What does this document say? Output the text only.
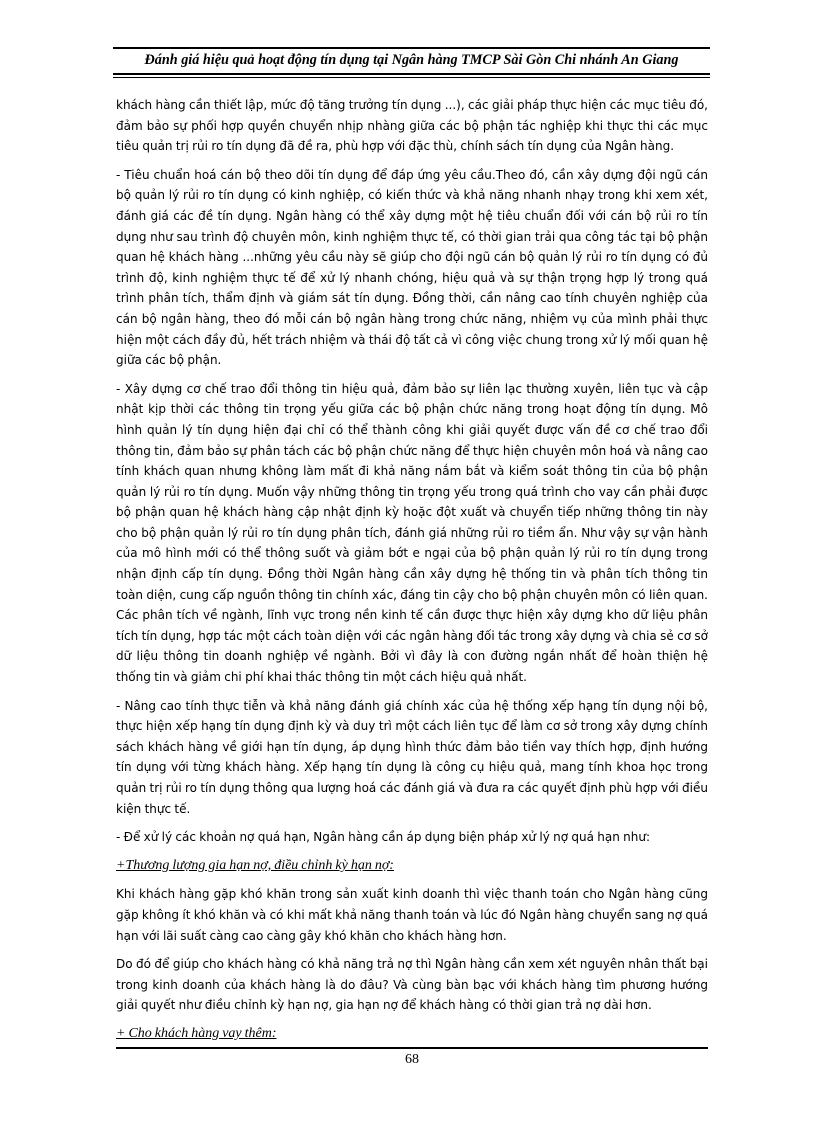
Đánh giá hiệu quả hoạt động tín dụng tại Ngân hàng TMCP Sài Gòn Chi nhánh An Giang

khách hàng cần thiết lập, mức độ tăng trưởng tín dụng ...), các giải pháp thực hiện các mục tiêu đó, đảm bảo sự phối hợp quyền chuyển nhịp nhàng giữa các bộ phận tác nghiệp khi thực thi các mục tiêu quản trị rủi ro tín dụng đã đề ra, phù hợp với đặc thù, chính sách tín dụng của Ngân hàng.

- Tiêu chuẩn hoá cán bộ theo dõi tín dụng để đáp ứng yêu cầu.Theo đó, cần xây dựng đội ngũ cán bộ quản lý rủi ro tín dụng có kinh nghiệp, có kiến thức và khả năng nhanh nhạy trong khi xem xét, đánh giá các đề tín dụng. Ngân hàng có thể xây dựng một hệ tiêu chuẩn đối với cán bộ rủi ro tín dụng như sau trình độ chuyên môn, kinh nghiệm thực tế, có thời gian trải qua công tác tại bộ phận quan hệ khách hàng ...những yêu cầu này sẽ giúp cho đội ngũ cán bộ quản lý rủi ro tín dụng có đủ trình độ, kinh nghiệm thực tế để xử lý nhanh chóng, hiệu quả và sự thận trọng hợp lý trong quá trình phân tích, thẩm định và giám sát tín dụng. Đồng thời, cần nâng cao tính chuyên nghiệp của cán bộ ngân hàng, theo đó mỗi cán bộ ngân hàng trong chức năng, nhiệm vụ của mình phải thực hiện một cách đầy đủ, hết trách nhiệm và thái độ tất cả vì công việc chung trong xử lý mối quan hệ giữa các bộ phận.

- Xây dựng cơ chế trao đổi thông tin hiệu quả, đảm bảo sự liên lạc thường xuyên, liên tục và cập nhật kịp thời các thông tin trọng yếu giữa các bộ phận chức năng trong hoạt động tín dụng. Mô hình quản lý tín dụng hiện đại chỉ có thể thành công khi giải quyết được vấn đề cơ chế trao đổi thông tin, đảm bảo sự phân tách các bộ phận chức năng để thực hiện chuyên môn hoá và nâng cao tính khách quan nhưng không làm mất đi khả năng nắm bắt và kiểm soát thông tin của bộ phận quản lý rủi ro tín dụng. Muốn vậy những thông tin trọng yếu trong quá trình cho vay cần phải được bộ phận quan hệ khách hàng cập nhật định kỳ hoặc đột xuất và chuyển tiếp những thông tin này cho bộ phận quản lý rủi ro tín dụng phân tích, đánh giá những rủi ro tiềm ẩn. Như vậy sự vận hành của mô hình mới có thể thông suốt và giảm bớt e ngại của bộ phận quản lý rủi ro tín dụng trong nhận định cấp tín dụng. Đồng thời Ngân hàng cần xây dựng hệ thống tin và phân tích thông tin toàn diện, cung cấp nguồn thông tin chính xác, đáng tin cậy cho bộ phận chuyên môn có liên quan. Các phân tích về ngành, lĩnh vực trong nền kinh tế cần được thực hiện xây dựng kho dữ liệu phân tích tín dụng, hợp tác một cách toàn diện với các ngân hàng đối tác trong xây dựng và chia sẻ cơ sở dữ liệu thông tin doanh nghiệp về ngành. Bởi vì đây là con đường ngắn nhất để hoàn thiện hệ thống tin và giảm chi phí khai thác thông tin một cách hiệu quả nhất.

- Nâng cao tính thực tiễn và khả năng đánh giá chính xác của hệ thống xếp hạng tín dụng nội bộ, thực hiện xếp hạng tín dụng định kỳ và duy trì một cách liên tục để làm cơ sở trong xây dựng chính sách khách hàng về giới hạn tín dụng, áp dụng hình thức đảm bảo tiền vay thích hợp, định hướng tín dụng với từng khách hàng. Xếp hạng tín dụng là công cụ hiệu quả, mang tính khoa học trong quản trị rủi ro tín dụng thông qua lượng hoá các đánh giá và đưa ra các quyết định phù hợp với điều kiện thực tế.

- Để xử lý các khoản nợ quá hạn, Ngân hàng cần áp dụng biện pháp xử lý nợ quá hạn như:

+Thương lượng gia hạn nợ, điều chỉnh kỳ hạn nợ:

Khi khách hàng gặp khó khăn trong sản xuất kinh doanh thì việc thanh toán cho Ngân hàng cũng gặp không ít khó khăn và có khi mất khả năng thanh toán và lúc đó Ngân hàng chuyển sang nợ quá hạn với lãi suất càng cao càng gây khó khăn cho khách hàng hơn.

Do đó để giúp cho khách hàng có khả năng trả nợ thì Ngân hàng cần xem xét nguyên nhân thất bại trong kinh doanh của khách hàng là do đâu? Và cùng bàn bạc với khách hàng tìm phương hướng giải quyết như điều chỉnh kỳ hạn nợ, gia hạn nợ để khách hàng có thời gian trả nợ dài hơn.

+ Cho khách hàng vay thêm:

68
